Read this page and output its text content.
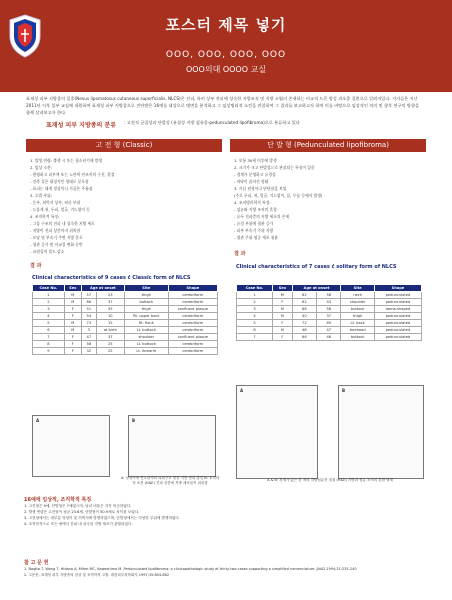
포스터 제목 넣기
OOO, OOO, OOO, OOO
OOO의대 OOOO 교실
표재성 피부 지방종의 일종(Nevus lipomatosus cutaneous superficialis, NLCS)은 진피, 특히 상부 진피에 성숙한 지방조직 및 지방 소엽의 존재하는 비교적 드문 양성 과오종 질환으로 알려져있다. 저자들은 지난 2011년 이후 일부 교실에 내원하여 표재성 피부 지방종으로 진단받은 16예를 대상으로 병변을 분석하고 그 임상병리적 소견을 관찰하여 그 결과를 보고하고자 하며 이를 바탕으로 임상적인 의미 및 향후 연구의 방향을 함께 살펴보고자 한다.
표재성 피부 지방종의 분류 : 고전적 군집성과 단발성 (유경성 지방 섬유종-pedunculated lipofibroma)으로 분류하고 있다
고 전 형 (Classic)
1. 발생 연령: 출생 시 또는 청소년기에 발생
2. 임상 소견:
- 편평하고 피부색 또는 노란색 연조직의 구진, 결절
- 건측 혹은 대칭적인 형태로 분포함
- 표피는 대개 정상이나 가끔은 주름짐
3. 호발 부위:
- 둔부, 허벅지 상부, 허리 부위
- 드물게 귀, 두피, 얼굴, 겨드랑이 등
4. 조직학적 특징:
- 그물 구조의 진피 내 성숙한 지방 세포
- 지방이 진피 상층까지 위치함
- 모낭 및 부속기 주변 지방 분포
- 혈관 증가 및 아교질 변화 동반
- 교원질의 밀도 감소
결 과
Clinical characteristics of 9 cases ċ Classic form of NLCS
Case No.	Sex	Age at onset		Site	Shape
1	M	57	23	thigh	cerebriform
2	M	66	37	buttock	cerebriform
3	F	51	35	thigh	confluent plaque
4	F	54	10	Rt. upper back	cerebriform
5	M	73	15	Rt. flank	cerebriform
6	M	3	at birth	Lt. buttock	cerebriform
7	F	47	37	shoulder	confluent plaque
8	F	58	25	Lt. buttock	cerebriform
9	F	32	25	Lt. forearm	cerebriform
A	B
A: 엉덩이에 연노란색의 뇌회구조 양상 지방 변화 발진 B: 조직학적 소견 (H&E) 진피 상층에 지방 세포들이 위치함
단 발 형 (Pedunculated lipofibroma)
1. 보통 30세 이후에 발생
2. 크기가 크고 단발성으로 관찰되는 특징이 있음
- 경계가 분명하고 유경성
- 바닥이 좁아진 형태
3. 가끔 원형이나 단단함을 보임
(주로 두피, 귀, 얼굴, 겨드랑이, 몸, 무릎 등에서 발생)
4. 조직병리학적 특징:
- 섬유와 지방 조직의 혼합
- 유두 진피층의 지방 세포의 존재
- 유경 부위에 혈관 증가
- 피부 부속기 주위 지방
- 혈관 주위 염증 세포 침윤
결 과
Clinical characteristics of 7 cases ċ solitary form of NLCS
Case No.	Sex	Age at onset		Site	Shape
1	M	62	58	neck	pedunculated
2	F	62	43	shoulder	pedunculated
3	M	66	56	buttock	dome-shaped
4	M	40	37	thigh	pedunculated
5	F	72	69	Lt. back	pedunculated
6	M	48	47	forehead	pedunculated
7	F	66	46	buttock	pedunculated
A	B
A & B: 경계가 있는 한 개의 지방섬유종 결절 (H&E) 지방과 섬유 조직의 혼합 형태
16예에 임상적, 조직학적 특징
1. 고전형은 9예, 단발형은 7예였으며, 남녀 비율은 각각 비슷하였다.
2. 발생 연령은 고전형이 평균 23.6세, 단발형이 50.9세로 차이를 보였다.
3. 고전형에서는 대부분 엉덩이 및 허벅지에 발생하였으며, 단발형에서는 다양한 부위에 발생하였다.
4. 조직학적으로 모든 예에서 진피 내 성숙한 지방 세포가 관찰되었다.
참 고 문 헌
1. Nogita T, Wong T, Hidano A, Mihm MC, Kawashima M. Pedunculated lipofibroma: a clinicopathologic study of thirty-two cases supporting a simplified nomenclature. JAAD 1994;31:235-240
2. 고문헌. 표재성 피부 지방종의 임상 및 조직학적 고찰. 대한피부과학회지 1997;35:854-862
